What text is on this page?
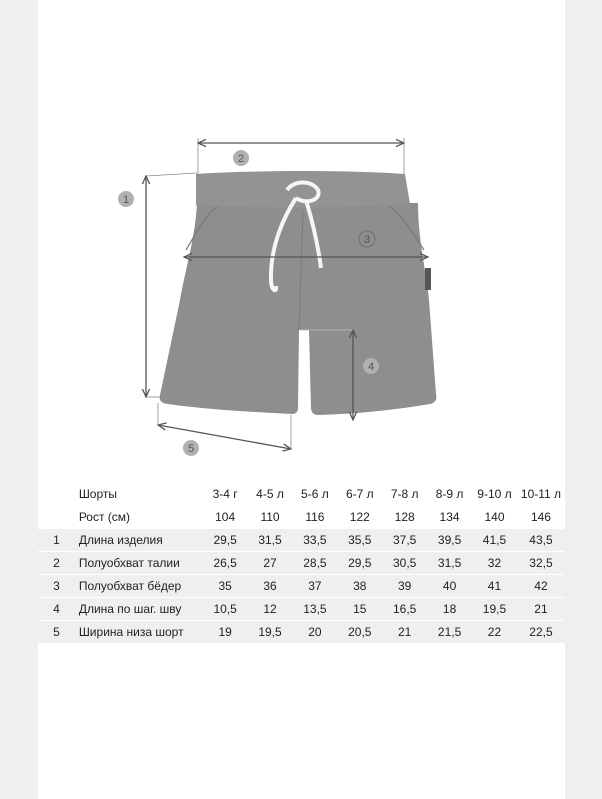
1
2
3
4
5
	Шорты	3-4 г	4-5 л	5-6 л	6-7 л	7-8 л	8-9 л	9-10 л	10-11 л
	Рост (см)	104	110	116	122	128	134	140	146
1	Длина изделия	29,5	31,5	33,5	35,5	37,5	39,5	41,5	43,5
2	Полуобхват талии	26,5	27	28,5	29,5	30,5	31,5	32	32,5
3	Полуобхват бёдер	35	36	37	38	39	40	41	42
4	Длина по шаг. шву	10,5	12	13,5	15	16,5	18	19,5	21
5	Ширина низа шорт	19	19,5	20	20,5	21	21,5	22	22,5
